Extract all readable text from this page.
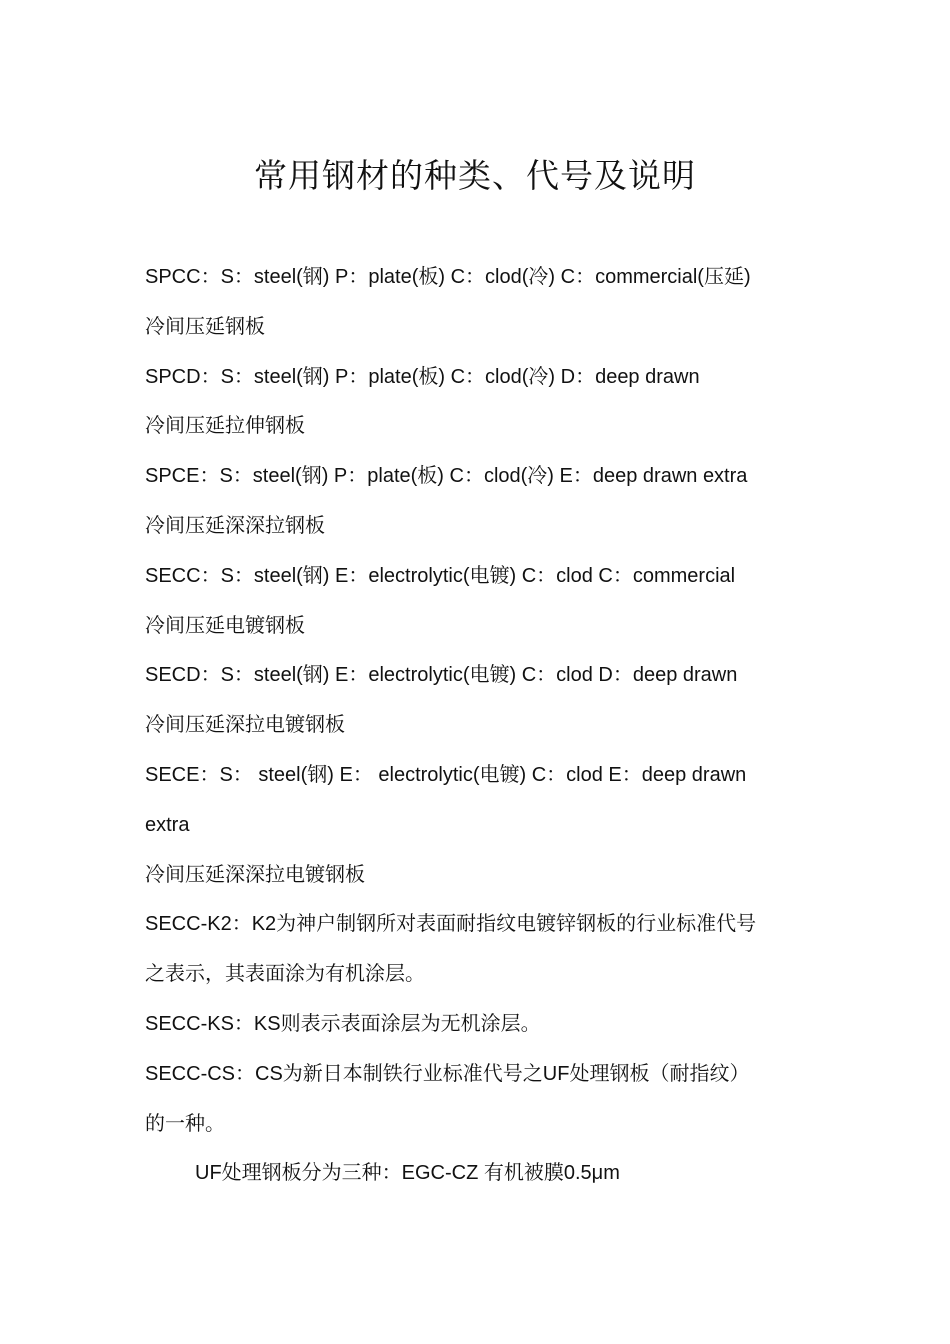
常用钢材的种类、代号及说明
SPCC：S：steel(钢) P：plate(板) C：clod(冷) C：commercial(压延)
冷间压延钢板
SPCD：S：steel(钢) P：plate(板) C：clod(冷) D：deep drawn
冷间压延拉伸钢板
SPCE：S：steel(钢) P：plate(板) C：clod(冷) E：deep drawn extra
冷间压延深深拉钢板
SECC：S：steel(钢) E：electrolytic(电镀) C：clod C：commercial
冷间压延电镀钢板
SECD：S：steel(钢) E：electrolytic(电镀) C：clod D：deep drawn
冷间压延深拉电镀钢板
SECE：S： steel(钢) E： electrolytic(电镀) C：clod E：deep drawn
extra
冷间压延深深拉电镀钢板
SECC-K2：K2为神户制钢所对表面耐指纹电镀锌钢板的行业标准代号
之表示，其表面涂为有机涂层。
SECC-KS：KS则表示表面涂层为无机涂层。
SECC-CS：CS为新日本制铁行业标准代号之UF处理钢板（耐指纹）
的一种。
UF处理钢板分为三种：EGC-CZ 有机被膜0.5μm
